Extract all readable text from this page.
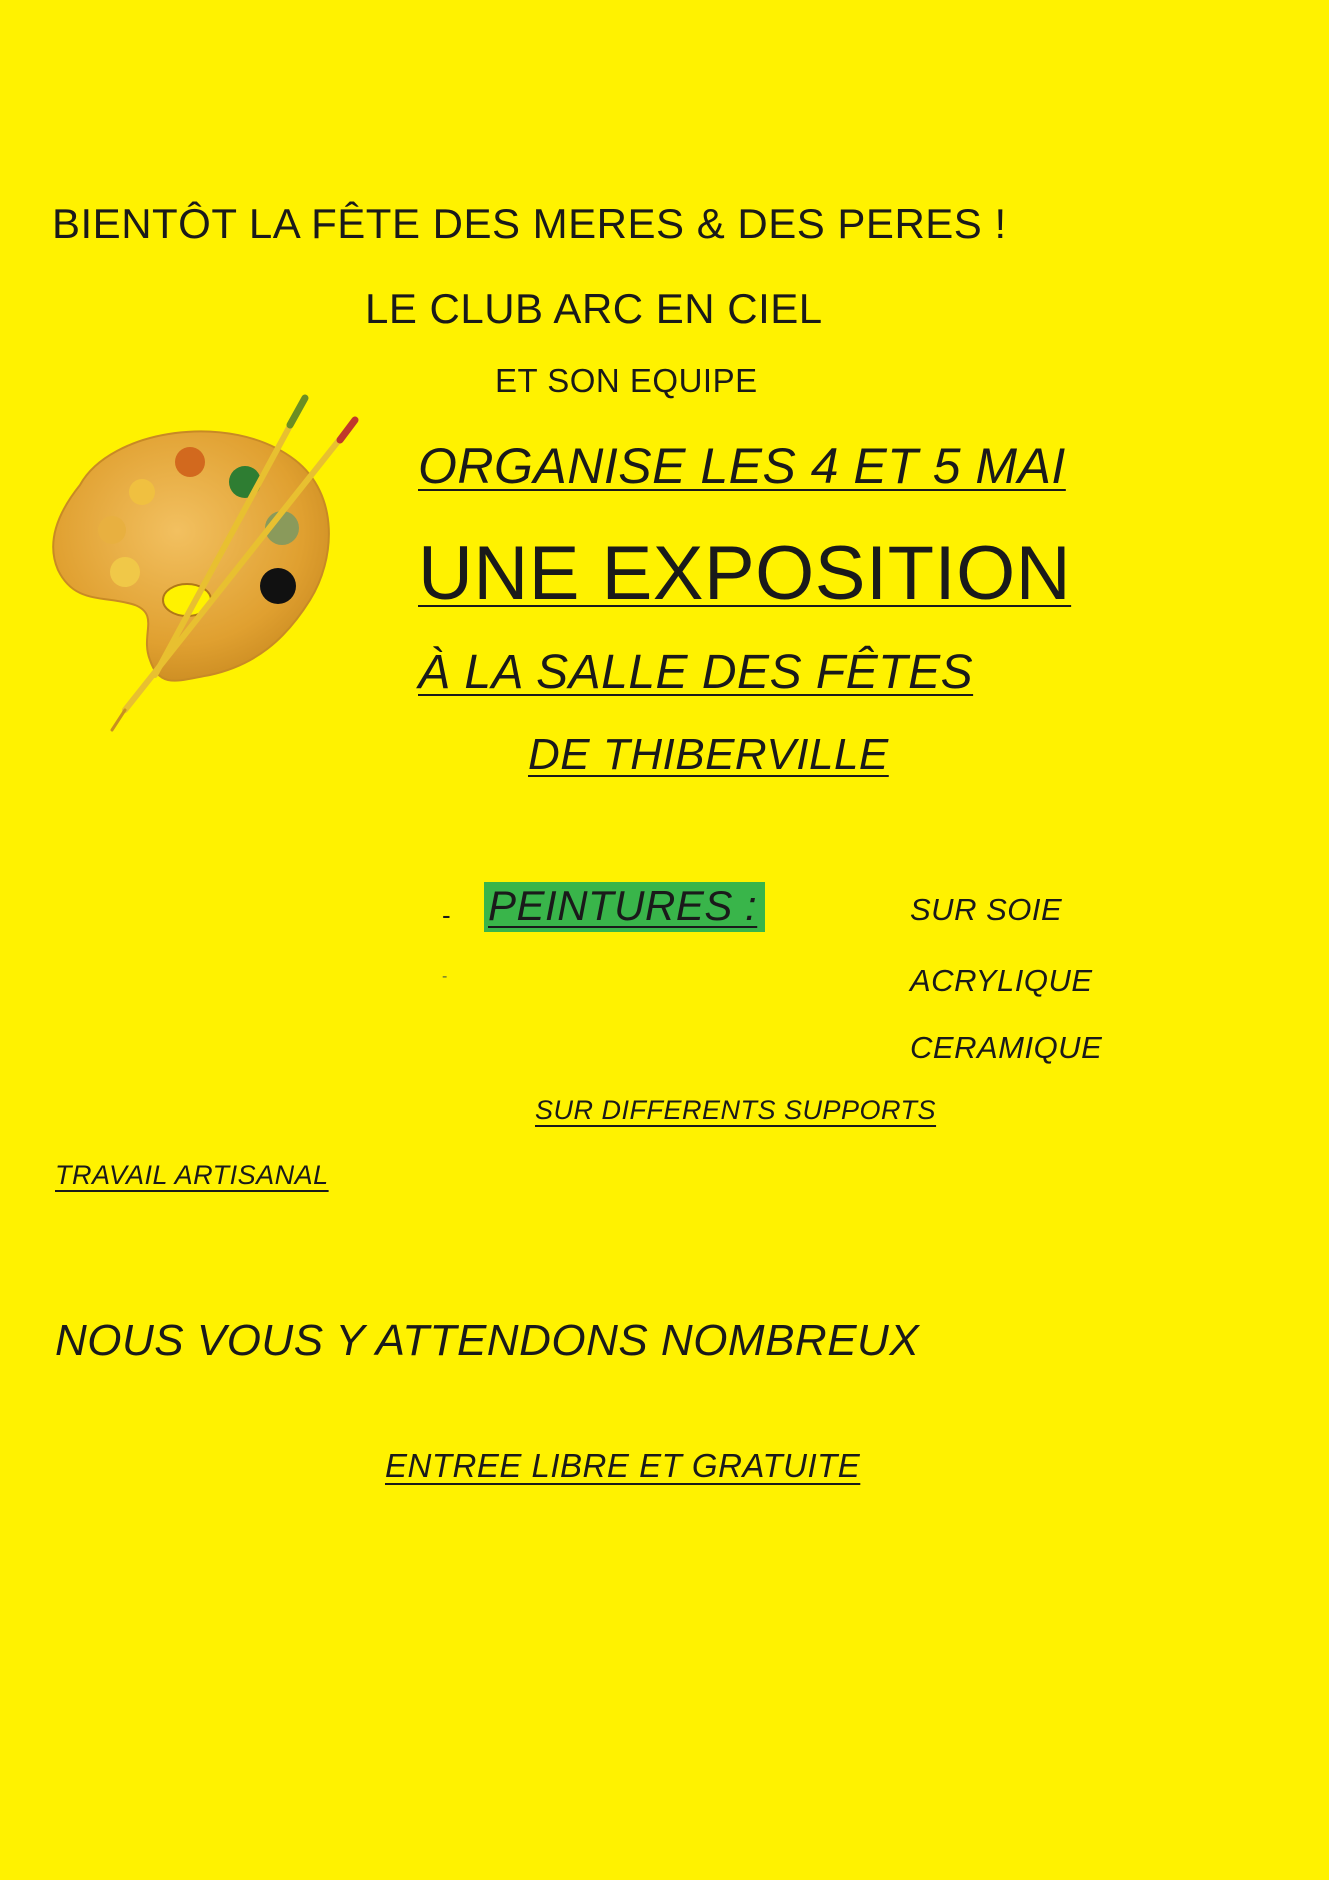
BIENTÔT LA FÊTE DES MERES & DES PERES !
LE CLUB ARC EN CIEL
ET SON EQUIPE
ORGANISE LES 4 ET 5 MAI
UNE EXPOSITION
À LA SALLE DES FÊTES
DE THIBERVILLE
- PEINTURES :
-
SUR SOIE
ACRYLIQUE
CERAMIQUE
SUR DIFFERENTS SUPPORTS
TRAVAIL ARTISANAL
NOUS VOUS Y ATTENDONS NOMBREUX
ENTREE LIBRE ET GRATUITE
